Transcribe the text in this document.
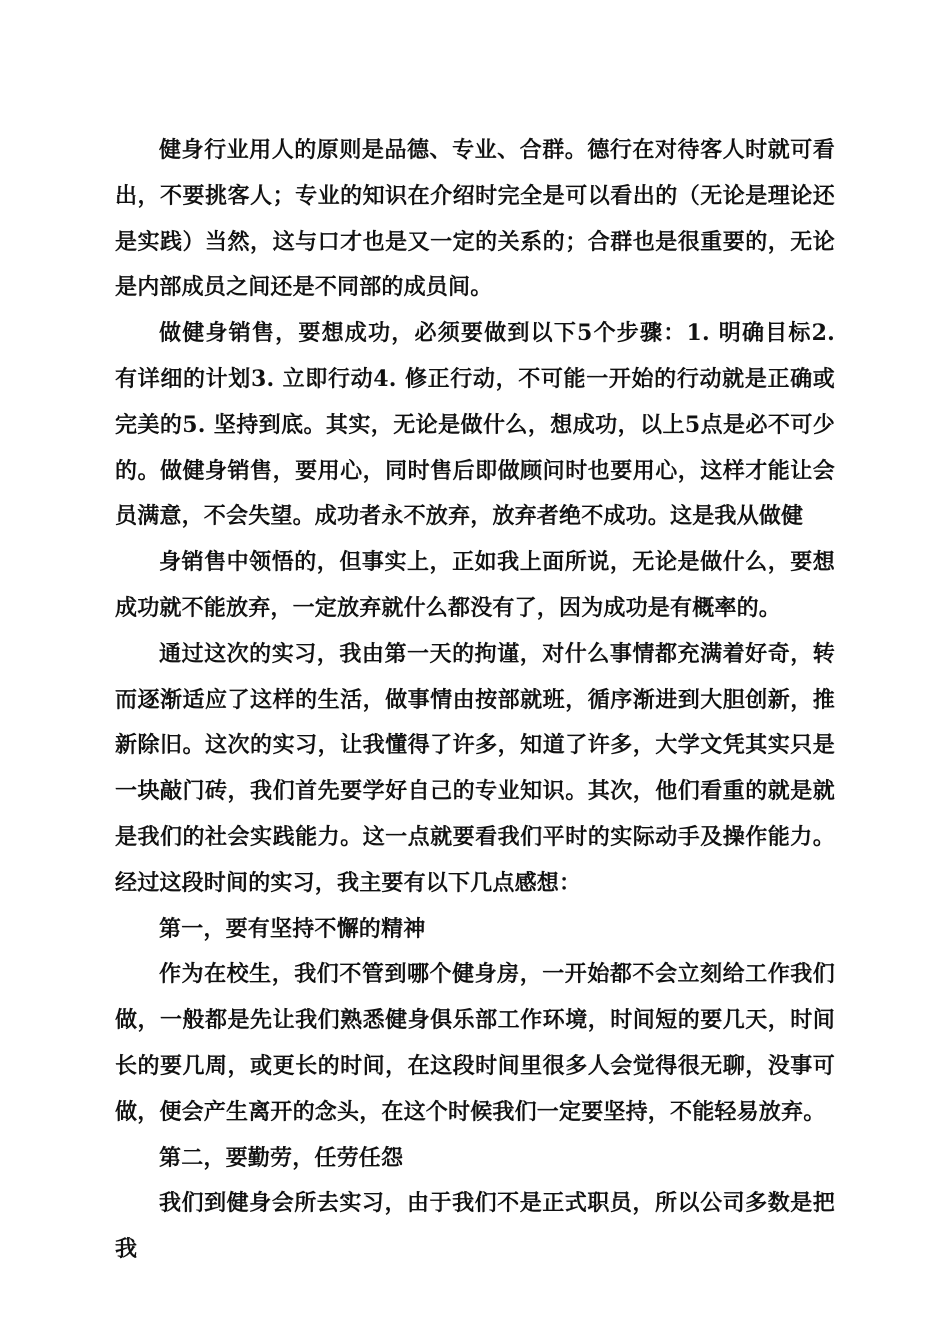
健身行业用人的原则是品德、专业、合群。德行在对待客人时就可看出，不要挑客人；专业的知识在介绍时完全是可以看出的（无论是理论还是实践）当然，这与口才也是又一定的关系的；合群也是很重要的，无论是内部成员之间还是不同部的成员间。

做健身销售，要想成功，必须要做到以下5个步骤：1. 明确目标2. 有详细的计划3. 立即行动4. 修正行动，不可能一开始的行动就是正确或完美的5. 坚持到底。其实，无论是做什么，想成功，以上5点是必不可少的。做健身销售，要用心，同时售后即做顾问时也要用心，这样才能让会员满意，不会失望。成功者永不放弃，放弃者绝不成功。这是我从做健

身销售中领悟的，但事实上，正如我上面所说，无论是做什么，要想成功就不能放弃，一定放弃就什么都没有了，因为成功是有概率的。

通过这次的实习，我由第一天的拘谨，对什么事情都充满着好奇，转而逐渐适应了这样的生活，做事情由按部就班，循序渐进到大胆创新，推新除旧。这次的实习，让我懂得了许多，知道了许多，大学文凭其实只是一块敲门砖，我们首先要学好自己的专业知识。其次，他们看重的就是就是我们的社会实践能力。这一点就要看我们平时的实际动手及操作能力。 经过这段时间的实习，我主要有以下几点感想：

第一，要有坚持不懈的精神

作为在校生，我们不管到哪个健身房，一开始都不会立刻给工作我们做，一般都是先让我们熟悉健身俱乐部工作环境，时间短的要几天，时间长的要几周，或更长的时间，在这段时间里很多人会觉得很无聊，没事可做，便会产生离开的念头，在这个时候我们一定要坚持，不能轻易放弃。

第二，要勤劳，任劳任怨

我们到健身会所去实习，由于我们不是正式职员，所以公司多数是把我
